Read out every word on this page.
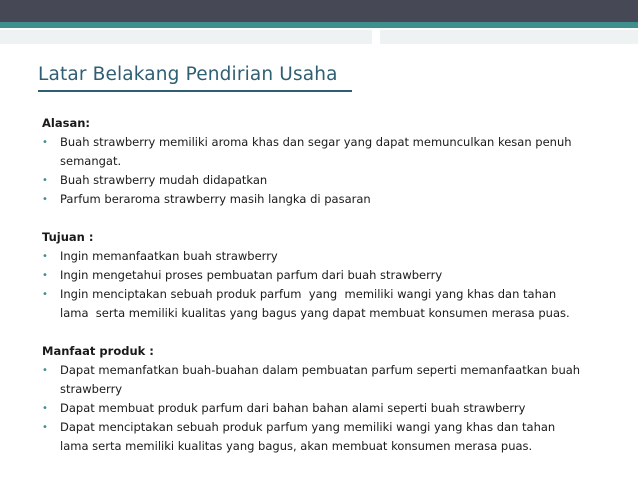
Latar Belakang Pendirian Usaha
Alasan:
• Buah strawberry memiliki aroma khas dan segar yang dapat memunculkan kesan penuh
semangat.
• Buah strawberry mudah didapatkan
• Parfum beraroma strawberry masih langka di pasaran
Tujuan :
• Ingin memanfaatkan buah strawberry
• Ingin mengetahui proses pembuatan parfum dari buah strawberry
• Ingin menciptakan sebuah produk parfum  yang  memiliki wangi yang khas dan tahan
lama  serta memiliki kualitas yang bagus yang dapat membuat konsumen merasa puas.
Manfaat produk :
• Dapat memanfatkan buah-buahan dalam pembuatan parfum seperti memanfaatkan buah
strawberry
• Dapat membuat produk parfum dari bahan bahan alami seperti buah strawberry
• Dapat menciptakan sebuah produk parfum yang memiliki wangi yang khas dan tahan
lama serta memiliki kualitas yang bagus, akan membuat konsumen merasa puas.
